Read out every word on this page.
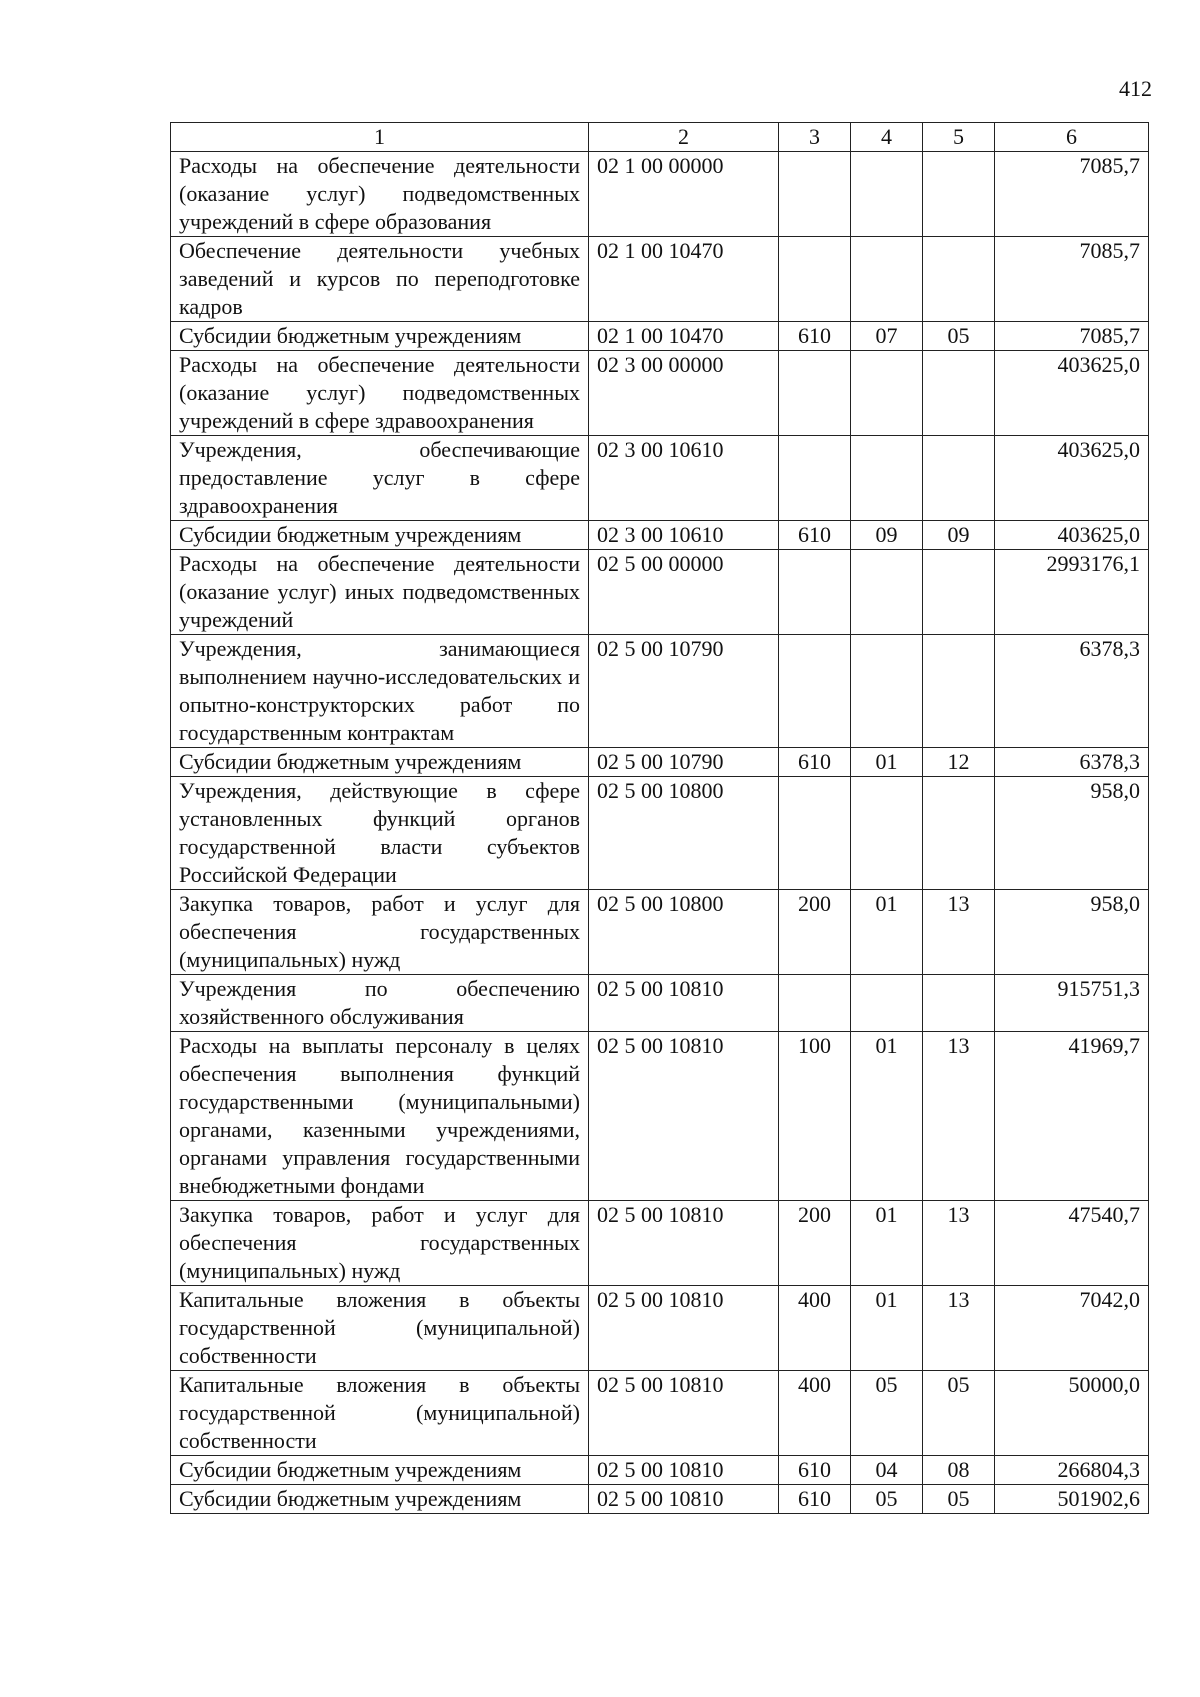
412
1	2	3	4	5	6
Расходы на обеспечение деятельности (оказание услуг) подведомственных учреждений в сфере образования	02 1 00 00000				7085,7
Обеспечение деятельности учебных заведений и курсов по переподготовке кадров	02 1 00 10470				7085,7
Субсидии бюджетным учреждениям	02 1 00 10470	610	07	05	7085,7
Расходы на обеспечение деятельности (оказание услуг) подведомственных учреждений в сфере здравоохранения	02 3 00 00000				403625,0
Учреждения, обеспечивающие предоставление услуг в сфере здравоохранения	02 3 00 10610				403625,0
Субсидии бюджетным учреждениям	02 3 00 10610	610	09	09	403625,0
Расходы на обеспечение деятельности (оказание услуг) иных подведомственных учреждений	02 5 00 00000				2993176,1
Учреждения, занимающиеся выполнением научно-исследовательских и опытно-конструкторских работ по государственным контрактам	02 5 00 10790				6378,3
Субсидии бюджетным учреждениям	02 5 00 10790	610	01	12	6378,3
Учреждения, действующие в сфере установленных функций органов государственной власти субъектов Российской Федерации	02 5 00 10800				958,0
Закупка товаров, работ и услуг для обеспечения государственных (муниципальных) нужд	02 5 00 10800	200	01	13	958,0
Учреждения по обеспечению хозяйственного обслуживания	02 5 00 10810				915751,3
Расходы на выплаты персоналу в целях обеспечения выполнения функций государственными (муниципальными) органами, казенными учреждениями, органами управления государственными внебюджетными фондами	02 5 00 10810	100	01	13	41969,7
Закупка товаров, работ и услуг для обеспечения государственных (муниципальных) нужд	02 5 00 10810	200	01	13	47540,7
Капитальные вложения в объекты государственной (муниципальной) собственности	02 5 00 10810	400	01	13	7042,0
Капитальные вложения в объекты государственной (муниципальной) собственности	02 5 00 10810	400	05	05	50000,0
Субсидии бюджетным учреждениям	02 5 00 10810	610	04	08	266804,3
Субсидии бюджетным учреждениям	02 5 00 10810	610	05	05	501902,6
